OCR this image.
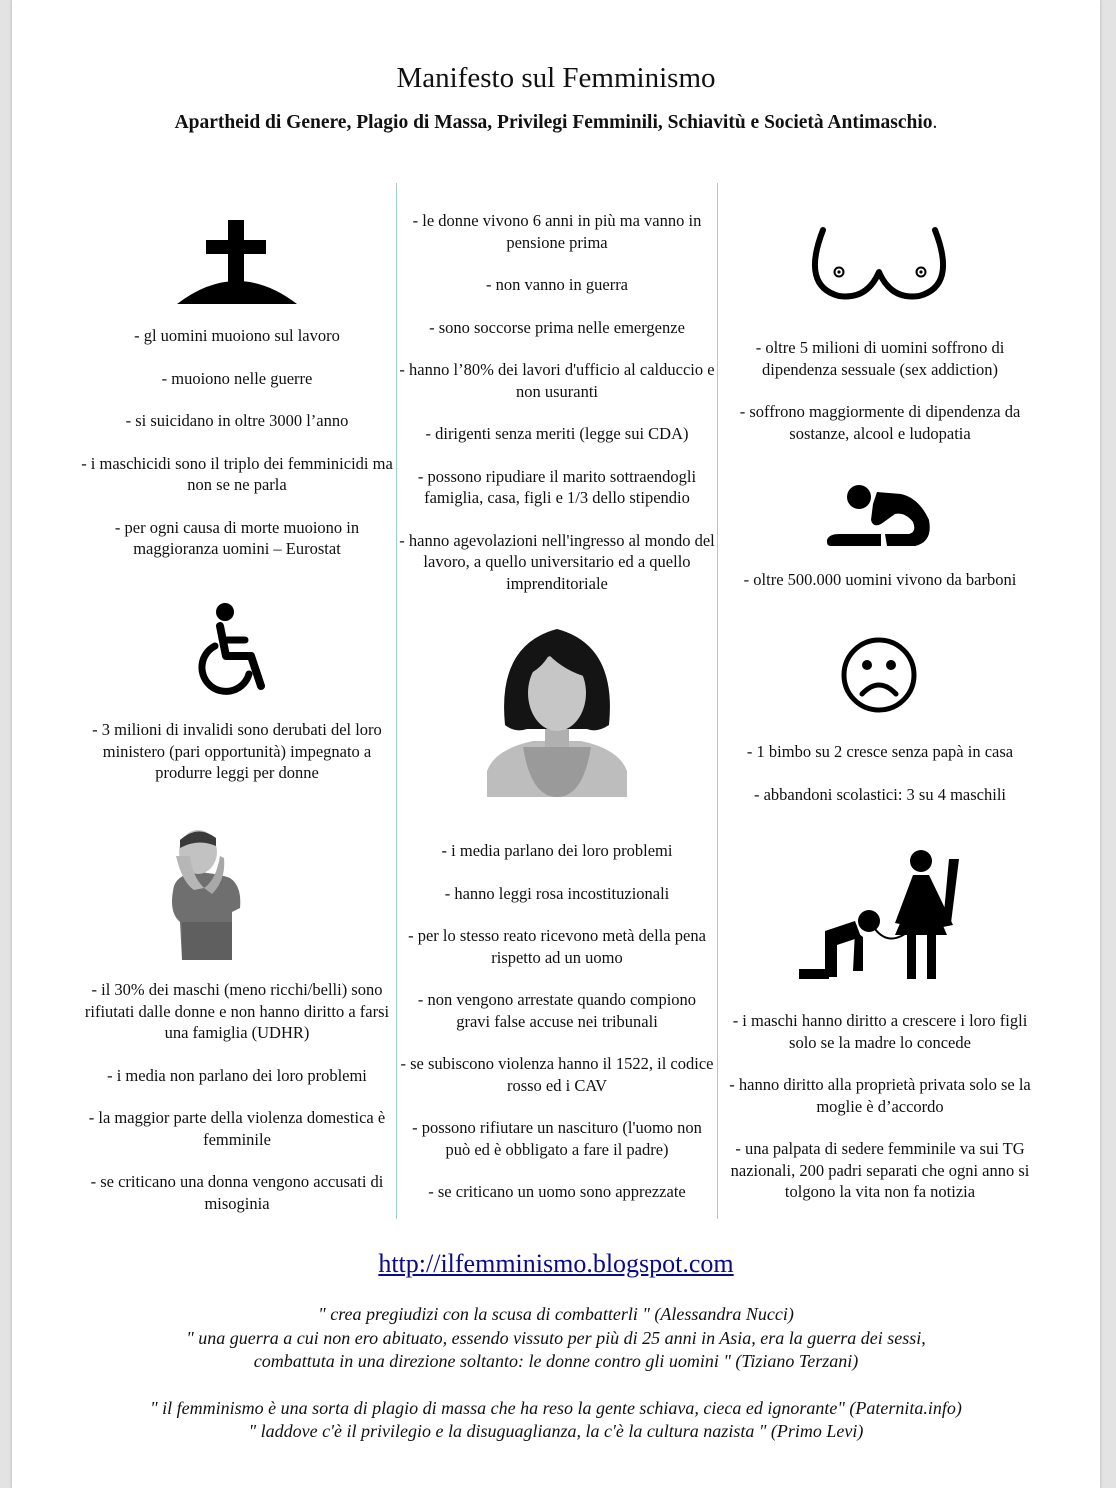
Manifesto sul Femminismo
Apartheid di Genere, Plagio di Massa, Privilegi Femminili, Schiavitù e Società Antimaschio.

- gl uomini muoiono sul lavoro

- muoiono nelle guerre

- si suicidano in oltre 3000 l’anno

- i maschicidi sono il triplo dei femminicidi ma non se ne parla

- per ogni causa di morte muoiono in maggioranza uomini – Eurostat

- 3 milioni di invalidi sono derubati del loro ministero (pari opportunità) impegnato a produrre leggi per donne

- il 30% dei maschi (meno ricchi/belli) sono rifiutati dalle donne e non hanno diritto a farsi una famiglia (UDHR)

- i media non parlano dei loro problemi

- la maggior parte della violenza domestica è femminile

- se criticano una donna vengono accusati di misoginia

- le donne vivono 6 anni in più ma vanno in pensione prima

- non vanno in guerra

- sono soccorse prima nelle emergenze

- hanno l’80% dei lavori d'ufficio al calduccio e non usuranti

- dirigenti senza meriti (legge sui CDA)

- possono ripudiare il marito sottraendogli famiglia, casa, figli e 1/3 dello stipendio

- hanno agevolazioni nell'ingresso al mondo del lavoro, a quello universitario ed a quello imprenditoriale

- i media parlano dei loro problemi

- hanno leggi rosa incostituzionali

- per lo stesso reato ricevono metà della pena rispetto ad un uomo

- non vengono arrestate quando compiono gravi false accuse nei tribunali

- se subiscono violenza hanno il 1522, il codice rosso ed i CAV

- possono rifiutare un nascituro (l'uomo non può ed è obbligato a fare il padre)

- se criticano un uomo sono apprezzate

- oltre 5 milioni di uomini soffrono di dipendenza sessuale (sex addiction)

- soffrono maggiormente di dipendenza da sostanze, alcool e ludopatia

- oltre 500.000 uomini vivono da barboni

- 1 bimbo su 2 cresce senza papà in casa

- abbandoni scolastici: 3 su 4 maschili

- i maschi hanno diritto a crescere i loro figli solo se la madre lo concede

- hanno diritto alla proprietà privata solo se la moglie è d’accordo

- una palpata di sedere femminile va sui TG nazionali, 200 padri separati che ogni anno si tolgono la vita non fa notizia

http://ilfemminismo.blogspot.com
" crea pregiudizi con la scusa di combatterli " (Alessandra Nucci)
" una guerra a cui non ero abituato, essendo vissuto per più di 25 anni in Asia, era la guerra dei sessi,
combattuta in una direzione soltanto: le donne contro gli uomini " (Tiziano Terzani)
" il femminismo è una sorta di plagio di massa che ha reso la gente schiava, cieca ed ignorante" (Paternita.info)
" laddove c'è il privilegio e la disuguaglianza, la c'è la cultura nazista " (Primo Levi)
